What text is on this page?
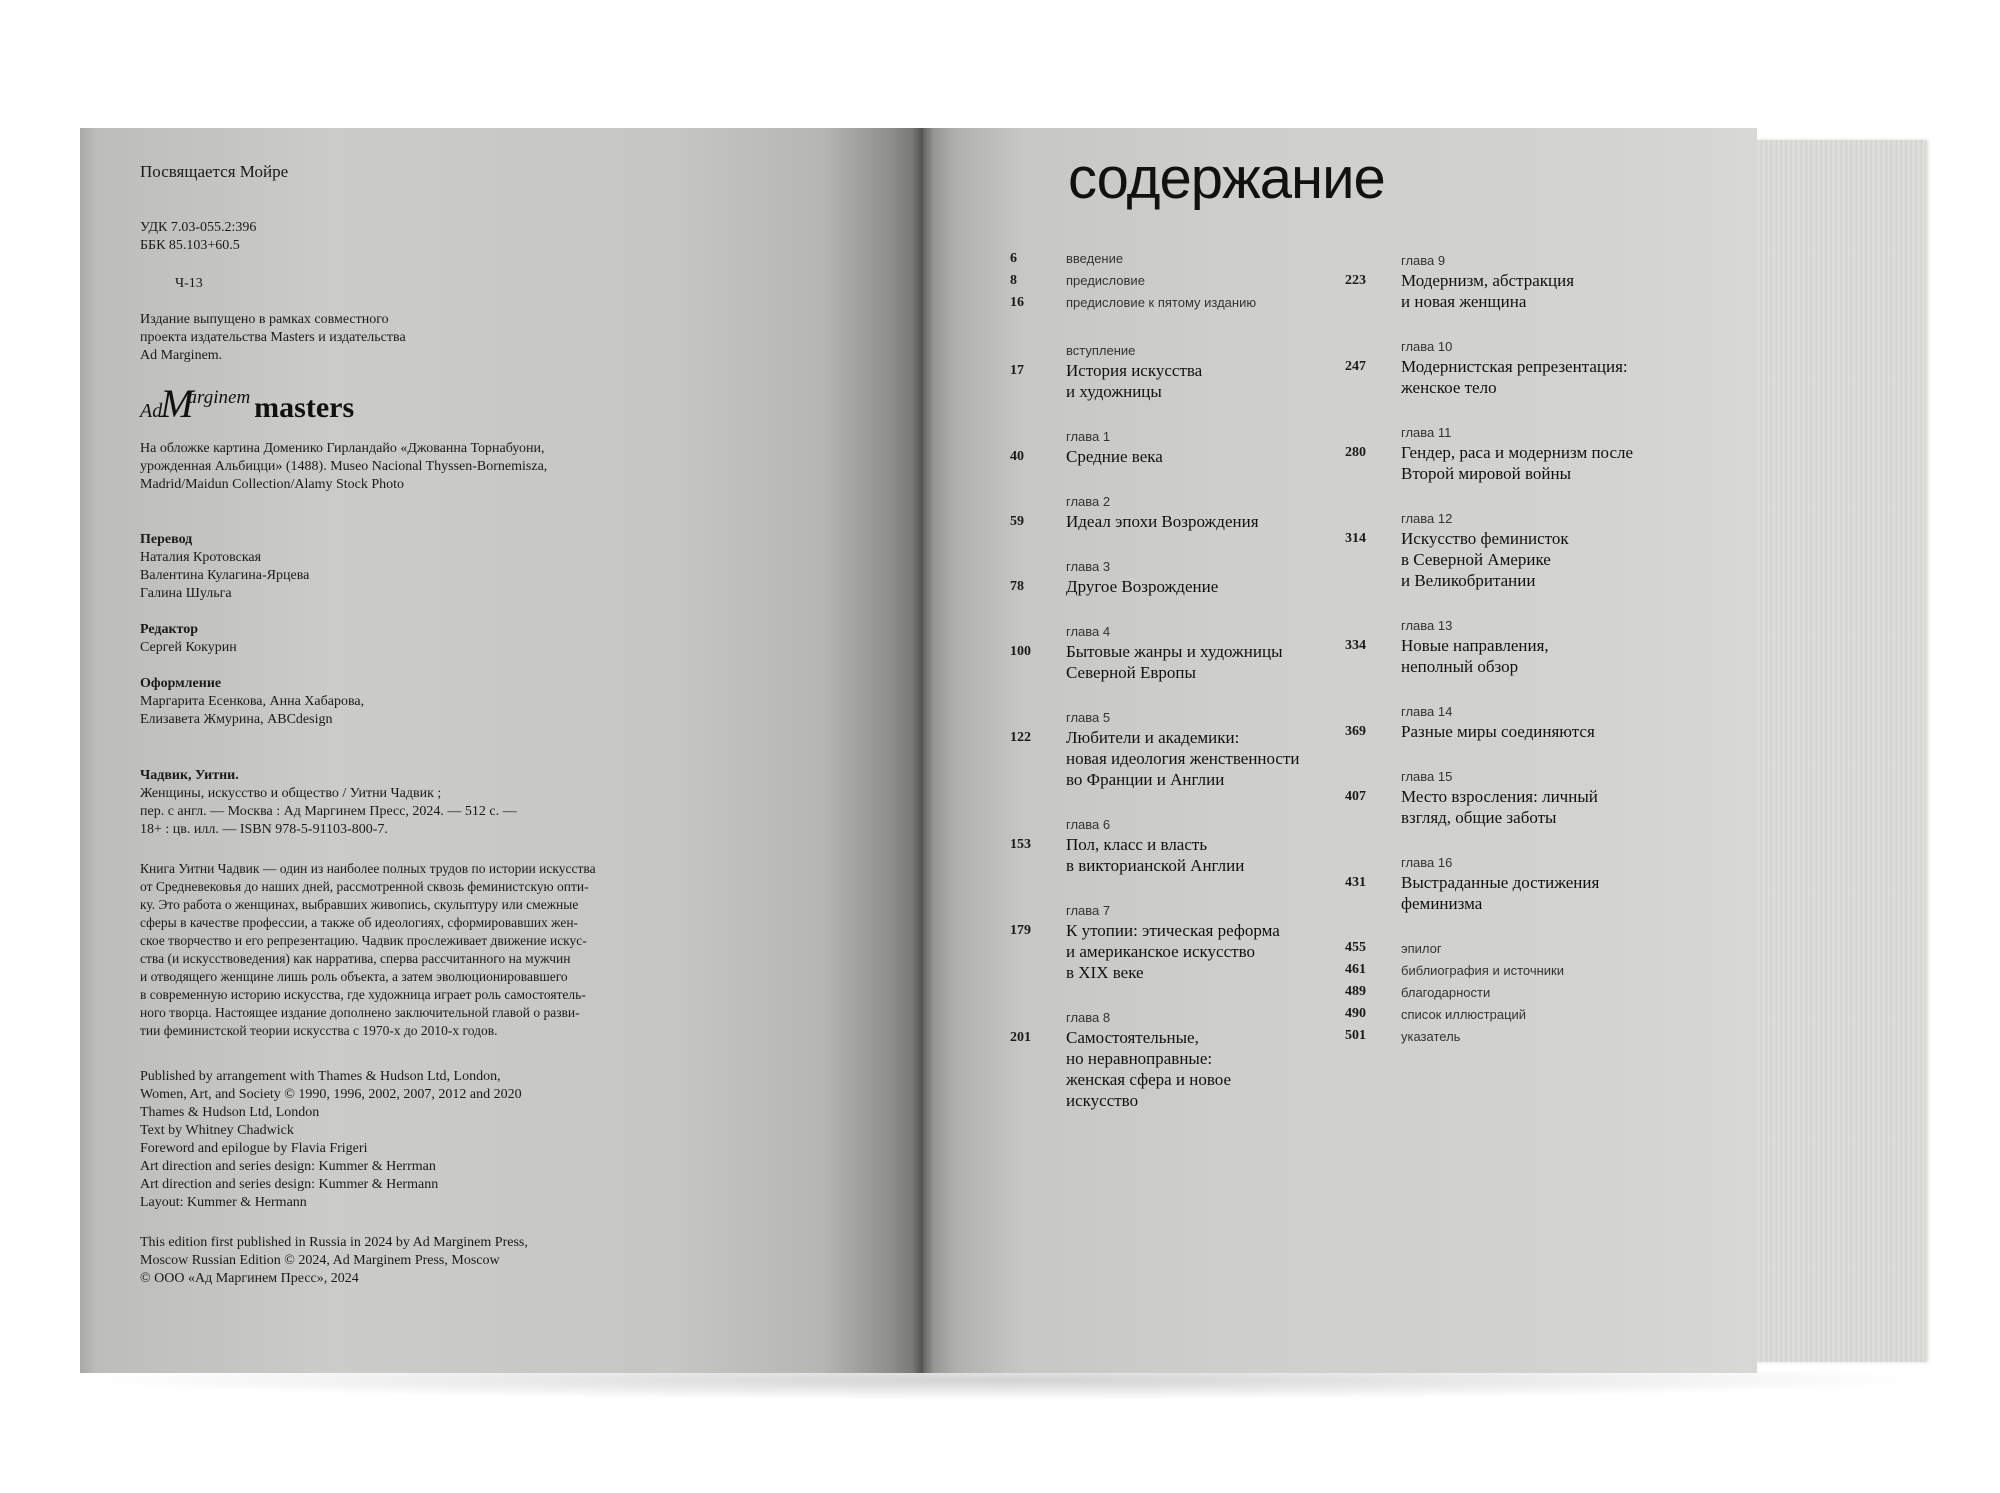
Посвящается Мойре
УДК 7.03-055.2:396
ББК 85.103+60.5
Ч-13
Издание выпущено в рамках совместного
проекта издательства Masters и издательства
Ad Marginem.
AdMarginem masters
На обложке картина Доменико Гирландайо «Джованна Торнабуони,
урожденная Альбицци» (1488). Museo Nacional Thyssen-Bornemisza,
Madrid/Maidun Collection/Alamy Stock Photo
Перевод
Наталия Кротовская
Валентина Кулагина-Ярцева
Галина Шульга
Редактор
Сергей Кокурин
Оформление
Маргарита Есенкова, Анна Хабарова,
Елизавета Жмурина, ABCdesign
Чадвик, Уитни.
Женщины, искусство и общество / Уитни Чадвик ;
пер. с англ. — Москва : Ад Маргинем Пресс, 2024. — 512 с. —
18+ : цв. илл. — ISBN 978-5-91103-800-7.
Книга Уитни Чадвик — один из наиболее полных трудов по истории искусства
от Средневековья до наших дней, рассмотренной сквозь феминистскую опти-
ку. Это работа о женщинах, выбравших живопись, скульптуру или смежные
сферы в качестве профессии, а также об идеологиях, сформировавших жен-
ское творчество и его репрезентацию. Чадвик прослеживает движение искус-
ства (и искусствоведения) как нарратива, сперва рассчитанного на мужчин
и отводящего женщине лишь роль объекта, а затем эволюционировавшего
в современную историю искусства, где художница играет роль самостоятель-
ного творца. Настоящее издание дополнено заключительной главой о разви-
тии феминистской теории искусства с 1970-х до 2010-х годов.
Published by arrangement with Thames & Hudson Ltd, London,
Women, Art, and Society © 1990, 1996, 2002, 2007, 2012 and 2020
Thames & Hudson Ltd, London
Text by Whitney Chadwick
Foreword and epilogue by Flavia Frigeri
Art direction and series design: Kummer & Herrman
Art direction and series design: Kummer & Hermann
Layout: Kummer & Hermann
This edition first published in Russia in 2024 by Ad Marginem Press,
Moscow Russian Edition © 2024, Ad Marginem Press, Moscow
© ООО «Ад Маргинем Пресс», 2024
содержание
6	введение
8	предисловие
16	предисловие к пятому изданию
вступление
17	История искусства
и художницы
глава 1
40	Средние века
глава 2
59	Идеал эпохи Возрождения
глава 3
78	Другое Возрождение
глава 4
100	Бытовые жанры и художницы
Северной Европы
глава 5
122	Любители и академики:
новая идеология женственности
во Франции и Англии
глава 6
153	Пол, класс и власть
в викторианской Англии
глава 7
179	К утопии: этическая реформа
и американское искусство
в XIX веке
глава 8
201	Самостоятельные,
но неравноправные:
женская сфера и новое
искусство
глава 9
223	Модернизм, абстракция
и новая женщина
глава 10
247	Модернистская репрезентация:
женское тело
глава 11
280	Гендер, раса и модернизм после
Второй мировой войны
глава 12
314	Искусство феминисток
в Северной Америке
и Великобритании
глава 13
334	Новые направления,
неполный обзор
глава 14
369	Разные миры соединяются
глава 15
407	Место взросления: личный
взгляд, общие заботы
глава 16
431	Выстраданные достижения
феминизма
455	эпилог
461	библиография и источники
489	благодарности
490	список иллюстраций
501	указатель
